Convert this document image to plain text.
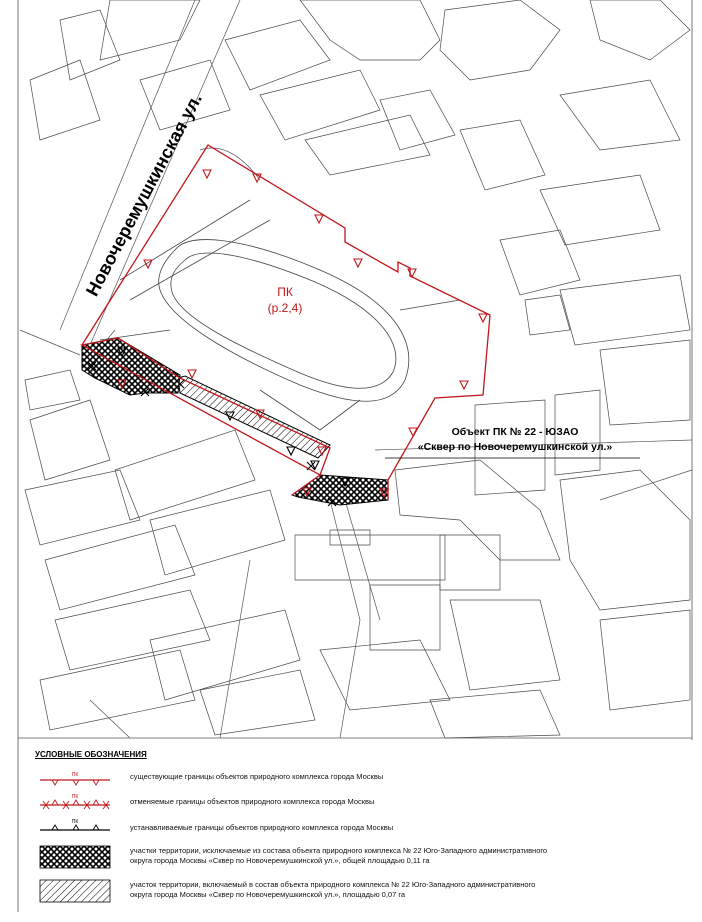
ПК
ПК
ПК
Новочеремушкинская ул.	ПК
(р.2,4)
Объект ПК № 22 - ЮЗАО
«Сквер по Новочеремушкинской ул.»
УСЛОВНЫЕ ОБОЗНАЧЕНИЯ
существующие границы объектов природного комплекса города Москвы
отменяемые границы объектов природного комплекса города Москвы
устанавливаемые границы объектов природного комплекса города Москвы
участки территории, исключаемые из состава объекта природного комплекса № 22 Юго-Западного административного округа города Москвы «Сквер по Новочеремушкинской ул.», общей площадью 0,11 га
участок территории, включаемый в состав объекта природного комплекса № 22 Юго-Западного административного округа города Москвы «Сквер по Новочеремушкинской ул.», площадью 0,07 га
